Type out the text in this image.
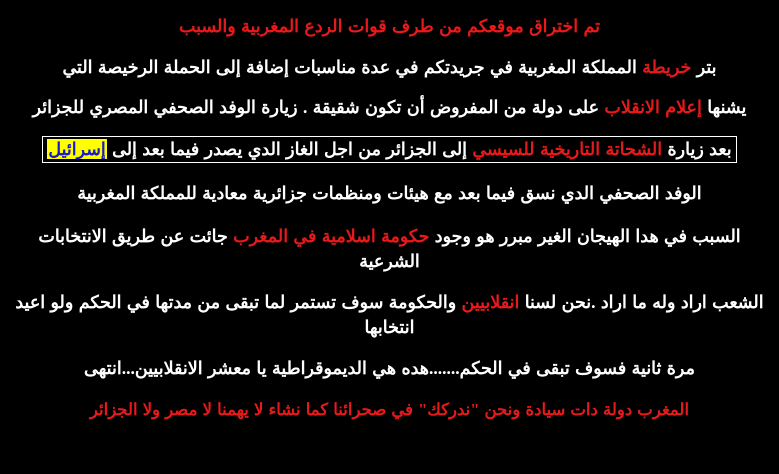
تم اختراق موقعكم من طرف قوات الردع المغربية والسبب
بتر خريطة المملكة المغربية في جريدتكم في عدة مناسبات إضافة إلى الحملة الرخيصة التي
يشنها إعلام الانقلاب على دولة من المفروض أن تكون شقيقة . زيارة الوفد الصحفي المصري للجزائر
بعد زيارة الشحاتة التاريخية للسيسي إلى الجزائر من اجل الغاز الدي يصدر فيما بعد إلى إسرائيل
الوفد الصحفي الدي نسق فيما بعد مع هيئات ومنظمات جزائرية معادية للمملكة المغربية
السبب في هدا الهيجان الغير مبرر هو وجود حكومة اسلامية في المغرب جائت عن طريق الانتخابات الشرعية
الشعب اراد وله ما اراد .نحن لسنا انقلابيين والحكومة سوف تستمر لما تبقى من مدتها في الحكم ولو اعيد انتخابها
مرة ثانية فسوف تبقى في الحكم.......هده هي الديموقراطية يا معشر الانقلابيين...انتهى
المغرب دولة دات سيادة ونحن "ندركك" في صحرائنا كما نشاء لا يهمنا لا مصر ولا الجزائر
